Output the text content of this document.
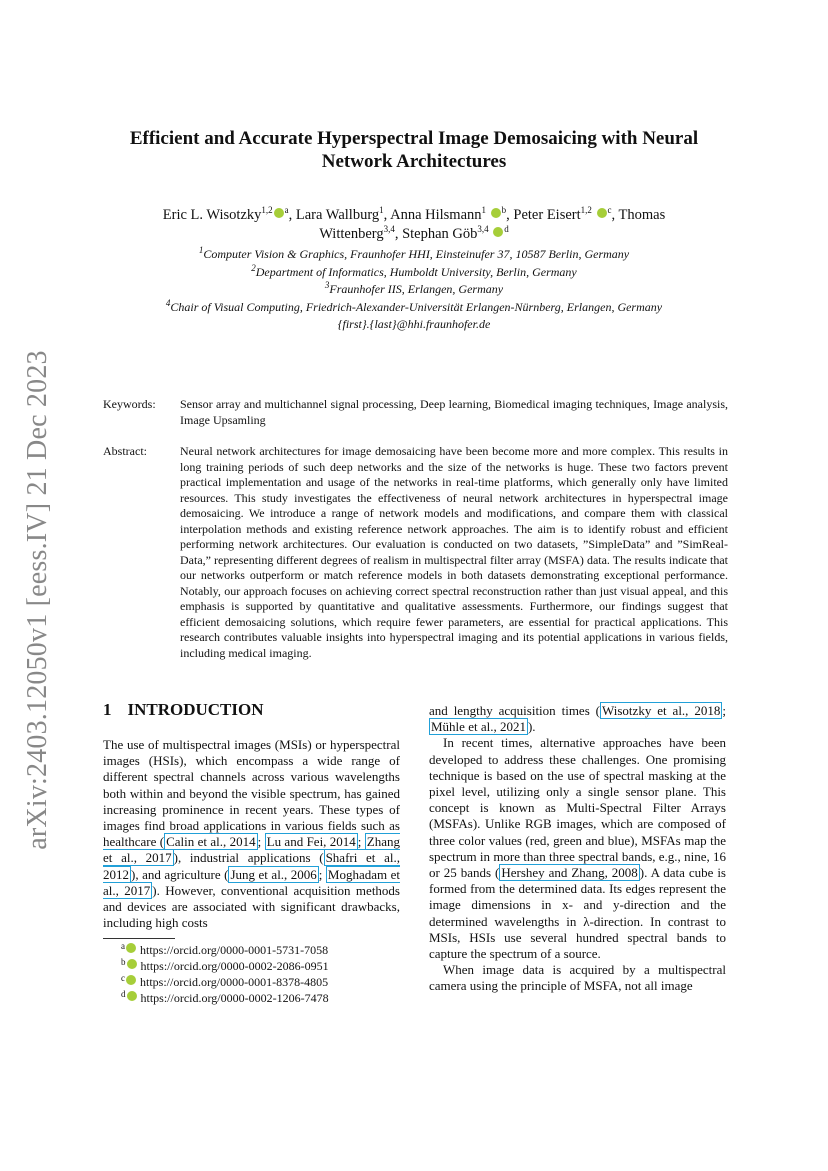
arXiv:2403.12050v1 [eess.IV] 21 Dec 2023
Efficient and Accurate Hyperspectral Image Demosaicing with Neural
Network Architectures
Eric L. Wisotzky$^{1,2}$ $^a$, Lara Wallburg$^1$, Anna Hilsmann$^1$ $^b$, Peter Eisert$^{1,2}$ $^c$, Thomas
Wittenberg$^{3,4}$, Stephan Göb$^{3,4}$ $^d$
$^1$Computer Vision & Graphics, Fraunhofer HHI, Einsteinufer 37, 10587 Berlin, Germany
$^2$Department of Informatics, Humboldt University, Berlin, Germany
$^3$Fraunhofer IIS, Erlangen, Germany
$^4$Chair of Visual Computing, Friedrich-Alexander-Universität Erlangen-Nürnberg, Erlangen, Germany
{first}.{last}@hhi.fraunhofer.de
Keywords:	Sensor array and multichannel signal processing, Deep learning, Biomedical imaging techniques, Image analysis, Image Upsamling
Abstract:	Neural network architectures for image demosaicing have been become more and more complex. This results in long training periods of such deep networks and the size of the networks is huge. These two factors prevent practical implementation and usage of the networks in real-time platforms, which generally only have limited resources. This study investigates the effectiveness of neural network architectures in hyperspectral image demosaicing. We introduce a range of network models and modifications, and compare them with classical interpolation methods and existing reference network approaches. The aim is to identify robust and efficient performing network architectures. Our evaluation is conducted on two datasets, ”SimpleData” and ”SimReal-Data,” representing different degrees of realism in multispectral filter array (MSFA) data. The results indicate that our networks outperform or match reference models in both datasets demonstrating exceptional performance. Notably, our approach focuses on achieving correct spectral reconstruction rather than just visual appeal, and this emphasis is supported by quantitative and qualitative assessments. Furthermore, our findings suggest that efficient demosaicing solutions, which require fewer parameters, are essential for practical applications. This research contributes valuable insights into hyperspectral imaging and its potential applications in various fields, including medical imaging.
1 INTRODUCTION

The use of multispectral images (MSIs) or hyperspectral images (HSIs), which encompass a wide range of different spectral channels across various wavelengths both within and beyond the visible spectrum, has gained increasing prominence in recent years. These types of images find broad applications in various fields such as healthcare ( Calin et al., 2014 ; Lu and Fei, 2014 ; Zhang et al., 2017 ), industrial applications ( Shafri et al., 2012 ), and agriculture ( Jung et al., 2006 ; Moghadam et al., 2017 ). However, conventional acquisition methods and devices are associated with significant drawbacks, including high costs

$^a$ https://orcid.org/0000-0001-5731-7058
$^b$ https://orcid.org/0000-0002-2086-0951
$^c$ https://orcid.org/0000-0001-8378-4805
$^d$ https://orcid.org/0000-0002-1206-7478

and lengthy acquisition times ( Wisotzky et al., 2018 ; Mühle et al., 2021 ).

In recent times, alternative approaches have been developed to address these challenges. One promising technique is based on the use of spectral masking at the pixel level, utilizing only a single sensor plane. This concept is known as Multi-Spectral Filter Arrays (MSFAs). Unlike RGB images, which are composed of three color values (red, green and blue), MSFAs map the spectrum in more than three spectral bands, e.g., nine, 16 or 25 bands ( Hershey and Zhang, 2008 ). A data cube is formed from the determined data. Its edges represent the image dimensions in x- and y-direction and the determined wavelengths in λ-direction. In contrast to MSIs, HSIs use several hundred spectral bands to capture the spectrum of a source.

When image data is acquired by a multispectral camera using the principle of MSFA, not all image
